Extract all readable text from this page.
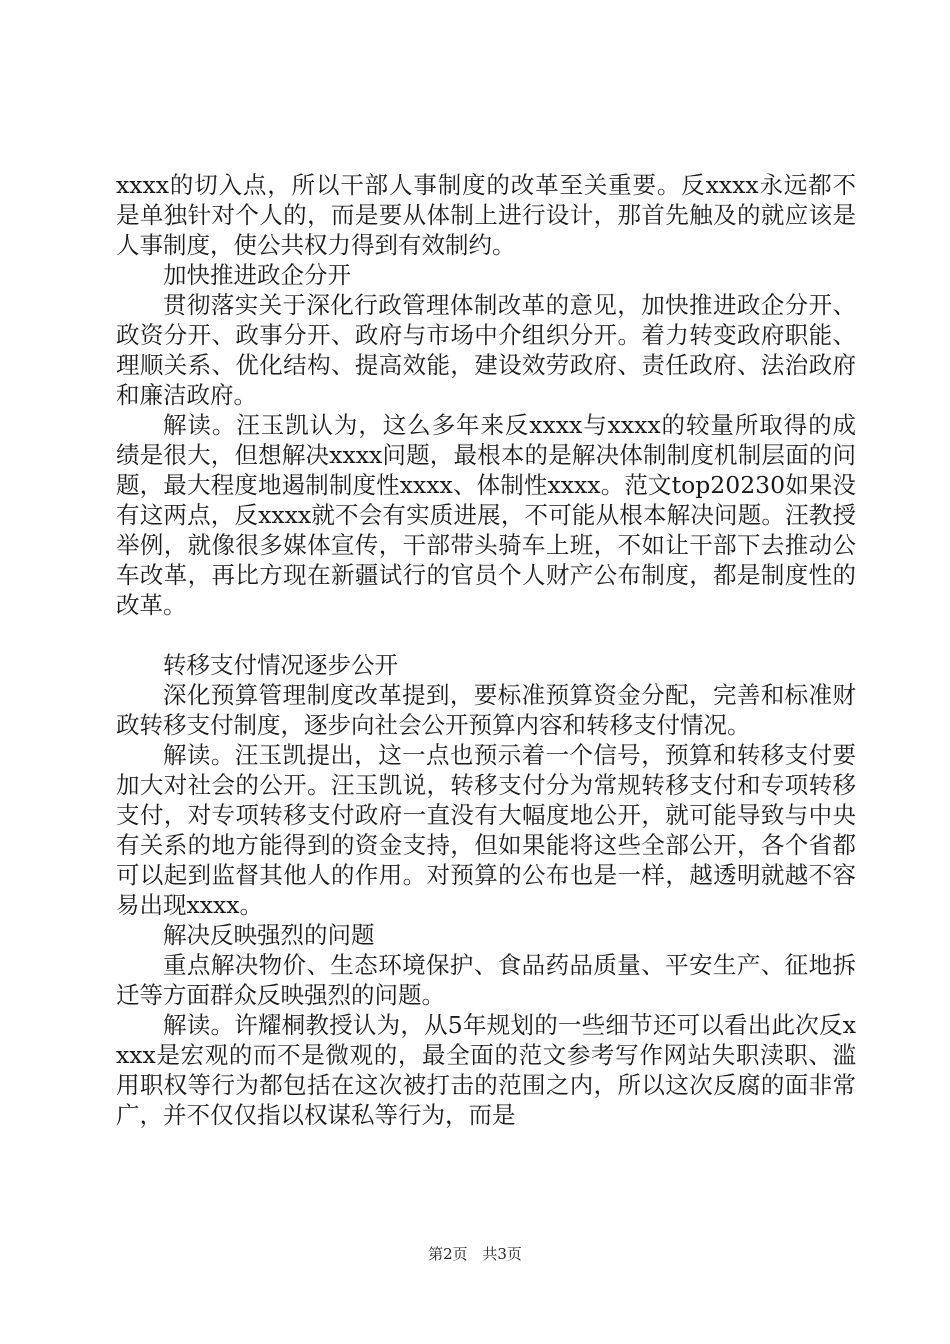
xxxx的切入点，所以干部人事制度的改革至关重要。反xxxx永远都不是单独针对个人的，而是要从体制上进行设计，那首先触及的就应该是人事制度，使公共权力得到有效制约。

加快推进政企分开

贯彻落实关于深化行政管理体制改革的意见，加快推进政企分开、政资分开、政事分开、政府与市场中介组织分开。着力转变政府职能、理顺关系、优化结构、提高效能，建设效劳政府、责任政府、法治政府和廉洁政府。

解读。汪玉凯认为，这么多年来反xxxx与xxxx的较量所取得的成绩是很大，但想解决xxxx问题，最根本的是解决体制制度机制层面的问题，最大程度地遏制制度性xxxx、体制性xxxx。范文top20230如果没有这两点，反xxxx就不会有实质进展，不可能从根本解决问题。汪教授举例，就像很多媒体宣传，干部带头骑车上班，不如让干部下去推动公车改革，再比方现在新疆试行的官员个人财产公布制度，都是制度性的改革。

转移支付情况逐步公开

深化预算管理制度改革提到，要标准预算资金分配，完善和标准财政转移支付制度，逐步向社会公开预算内容和转移支付情况。

解读。汪玉凯提出，这一点也预示着一个信号，预算和转移支付要加大对社会的公开。汪玉凯说，转移支付分为常规转移支付和专项转移支付，对专项转移支付政府一直没有大幅度地公开，就可能导致与中央有关系的地方能得到的资金支持，但如果能将这些全部公开，各个省都可以起到监督其他人的作用。对预算的公布也是一样，越透明就越不容易出现xxxx。

解决反映强烈的问题

重点解决物价、生态环境保护、食品药品质量、平安生产、征地拆迁等方面群众反映强烈的问题。

解读。许耀桐教授认为，从5年规划的一些细节还可以看出此次反xxxx是宏观的而不是微观的，最全面的范文参考写作网站失职渎职、滥用职权等行为都包括在这次被打击的范围之内，所以这次反腐的面非常广，并不仅仅指以权谋私等行为，而是

第2页 共3页
